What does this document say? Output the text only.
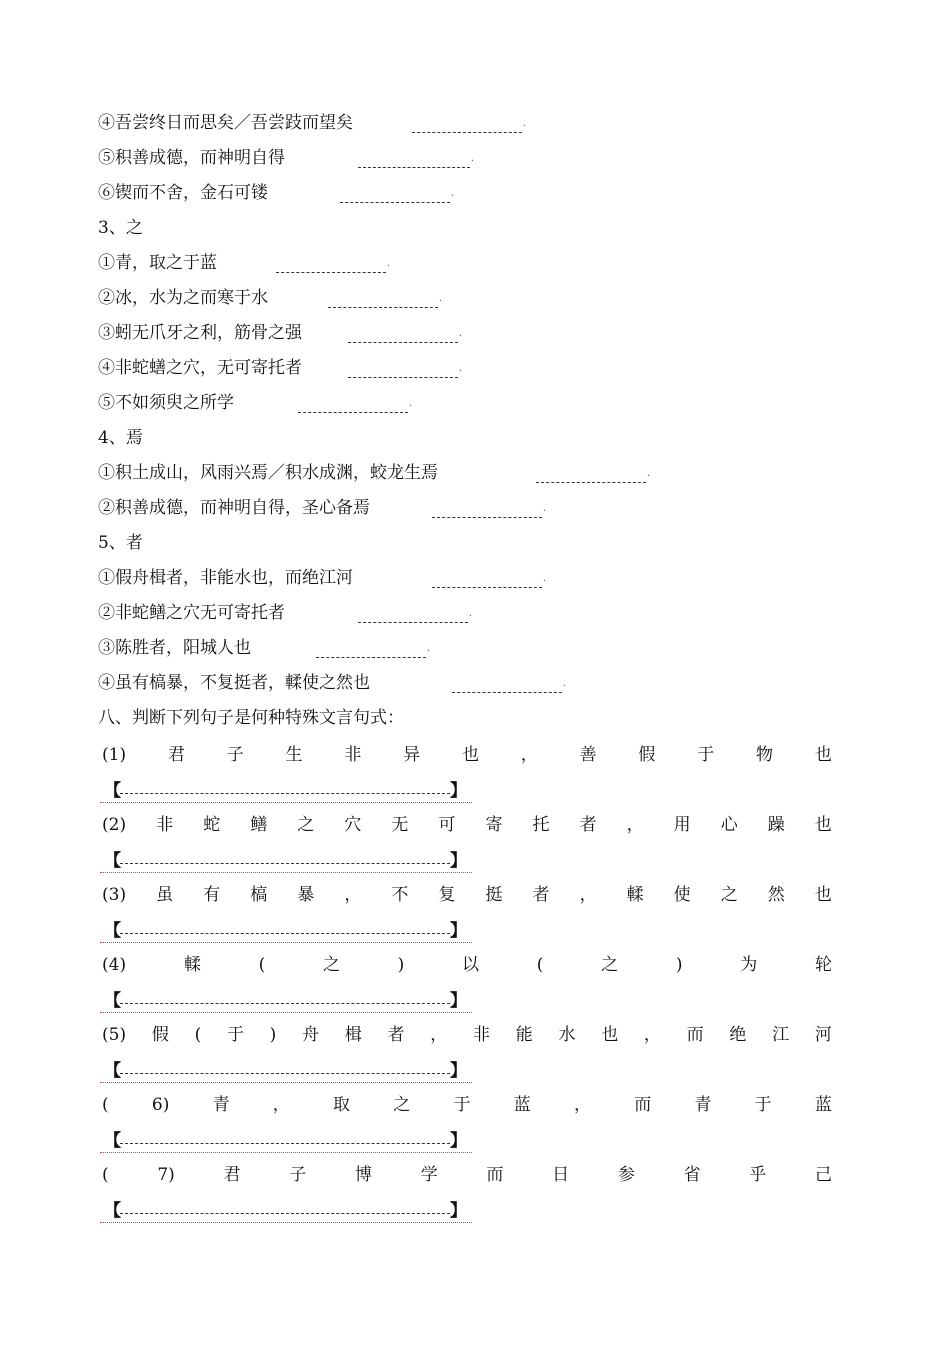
④吾尝终日而思矣／吾尝跂而望矣
.
⑤积善成德，而神明自得
.
⑥锲而不舍，金石可镂
.
3、之
①青，取之于蓝
.
②冰，水为之而寒于水
.
③蚓无爪牙之利，筋骨之强
.
④非蛇蟮之穴，无可寄托者
.
⑤不如须臾之所学
.
4、焉
①积土成山，风雨兴焉／积水成渊，蛟龙生焉
.
②积善成德，而神明自得，圣心备焉
.
5、者
①假舟楫者，非能水也，而绝江河
.
②非蛇鳝之穴无可寄托者
.
③陈胜者，阳城人也
.
④虽有槁暴，不复挺者，輮使之然也
.
八、判断下列句子是何种特殊文言句式：
(1) 君 子 生 非 异 也 ， 善 假 于 物 也
【	】
(2) 非 蛇 鳝 之 穴 无 可 寄 托 者 ， 用 心 躁 也
【	】
(3) 虽 有 槁 暴 ， 不 复 挺 者 ， 輮 使 之 然 也
【	】
(4)	輮	(	之	)	以	(	之	)	为	轮
【	】
(5) 假 ( 于 ) 舟 楫 者 ， 非 能 水 也 ， 而 绝 江 河
【	】
(	6)	青	，	取	之	于	蓝	，	而	青	于	蓝
【	】
(	7)	君	子	博	学	而	日	参	省	乎	己
【	】
